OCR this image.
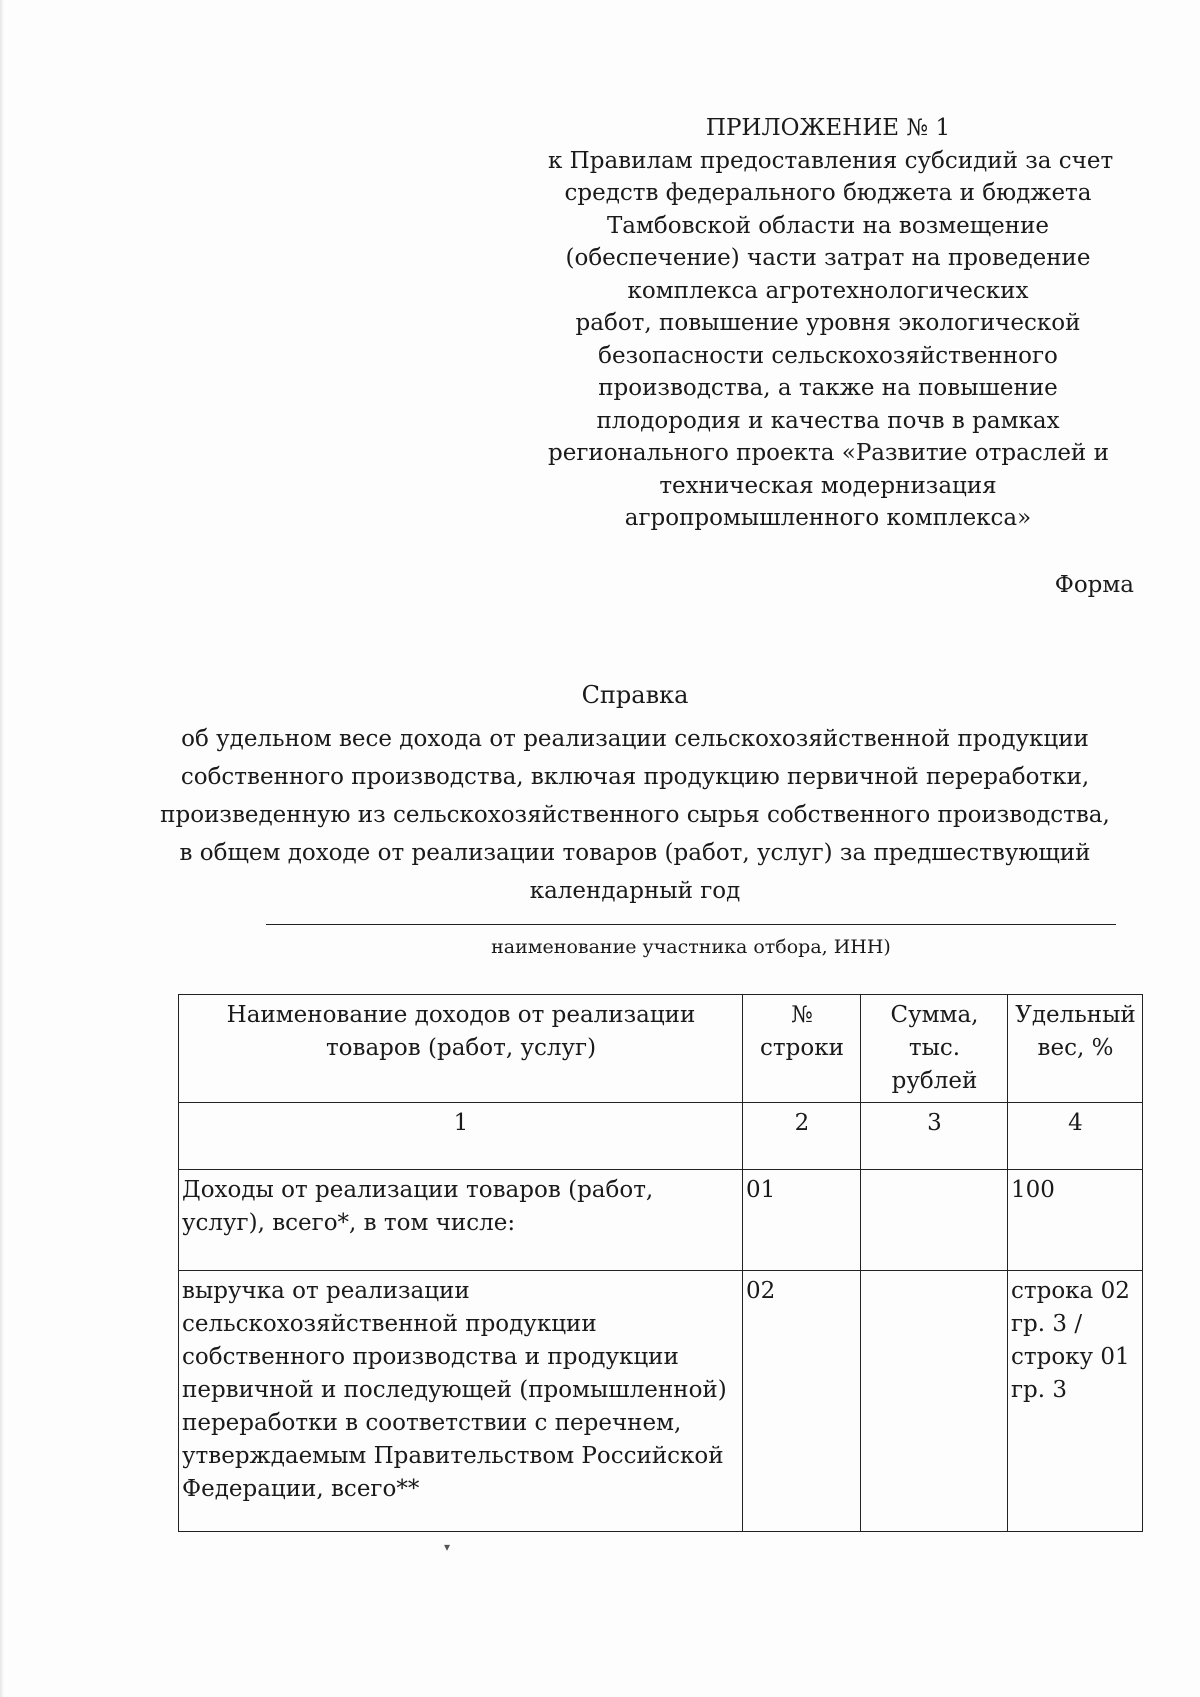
ПРИЛОЖЕНИЕ № 1
к Правилам предоставления субсидий за счет
средств федерального бюджета и бюджета
Тамбовской области на возмещение
(обеспечение) части затрат на проведение
комплекса агротехнологических
работ, повышение уровня экологической
безопасности сельскохозяйственного
производства, а также на повышение
плодородия и качества почв в рамках
регионального проекта «Развитие отраслей и
техническая модернизация
агропромышленного комплекса»
Форма
Справка
об удельном весе дохода от реализации сельскохозяйственной продукции
собственного производства, включая продукцию первичной переработки,
произведенную из сельскохозяйственного сырья собственного производства,
в общем доходе от реализации товаров (работ, услуг) за предшествующий
календарный год
наименование участника отбора, ИНН)
Наименование доходов от реализации товаров (работ, услуг)	№ строки	Сумма, тыс. рублей	Удельный вес, %
1	2	3	4
Доходы от реализации товаров (работ, услуг), всего*, в том числе:	01		100
выручка от реализации сельскохозяйственной продукции собственного производства и продукции первичной и последующей (промышленной) переработки в соответствии с перечнем, утверждаемым Правительством Российской Федерации, всего**	02		строка 02 гр. 3 / строку 01 гр. 3
▾
